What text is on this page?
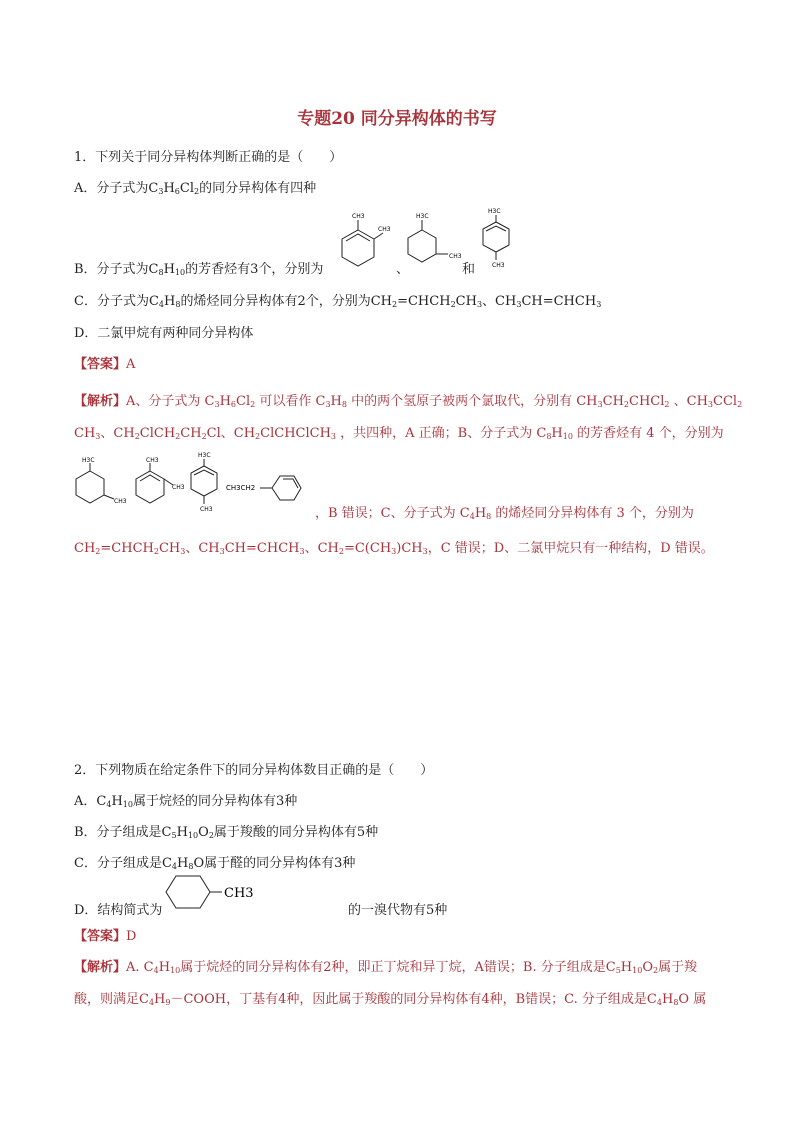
专题20 同分异构体的书写
1．下列关于同分异构体判断正确的是（　　）
A．分子式为$C_3H_6Cl_2$的同分异构体有四种
B．分子式为$C_8H_{10}$的芳香烃有3个，分别为
CH3
CH3
、
H3C
CH3
和
H3C
CH3
C．分子式为$C_4H_8$的烯烃同分异构体有2个，分别为$CH_2=CHCH_2CH_3$、$CH_3CH=CHCH_3$
D．二氯甲烷有两种同分异构体
【答案】A
【解析】A、分子式为 $C_3H_6Cl_2$ 可以看作 $C_3H_8$ 中的两个氢原子被两个氯取代，分别有 $CH_3CH_2CHCl_2$ 、$CH_3CCl_2$
$CH_3$、$CH_2ClCH_2CH_2Cl$、$CH_2ClCHClCH_3$ ，共四种，A 正确；B、分子式为 $C_8H_{10}$ 的芳香烃有 4 个，分别为
H3C
CH3
CH3
CH3
H3C
CH3
CH3CH2
，B 错误；C、分子式为 $C_4H_8$ 的烯烃同分异构体有 3 个，分别为
$CH_2=CHCH_2CH_3$、$CH_3CH=CHCH_3$、$CH_2=C(CH_3)CH_3$，C 错误；D、二氯甲烷只有一种结构，D 错误。
2．下列物质在给定条件下的同分异构体数目正确的是（　　）
A．$C_4H_{10}$属于烷烃的同分异构体有3种
B．分子组成是$C_5H_{10}O_2$属于羧酸的同分异构体有5种
C．分子组成是$C_4H_8O$属于醛的同分异构体有3种
D．结构简式为
CH3
的一溴代物有5种
【答案】D
【解析】A. $C_4H_{10}$属于烷烃的同分异构体有2种，即正丁烷和异丁烷，A错误；B. 分子组成是$C_5H_{10}O_2$属于羧
酸，则满足$C_4H_9-COOH$，丁基有4种，因此属于羧酸的同分异构体有4种，B错误；C. 分子组成是$C_4H_8O$ 属
